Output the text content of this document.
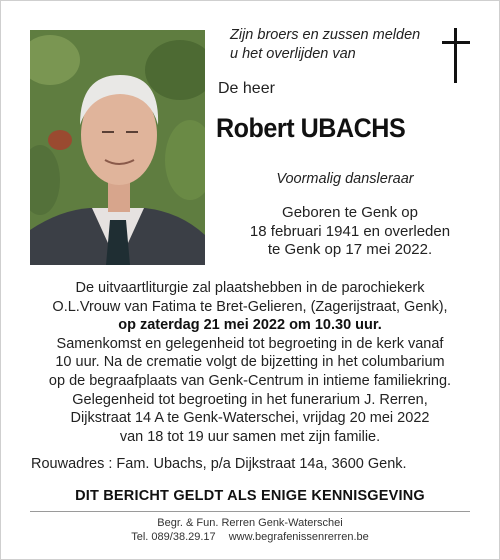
Zijn broers en zussen melden
u het overlijden van
De heer
Robert UBACHS
Voormalig dansleraar
Geboren te Genk op
18 februari 1941 en overleden
te Genk op 17 mei 2022.
De uitvaartliturgie zal plaatshebben in de parochiekerk
O.L.Vrouw van Fatima te Bret-Gelieren, (Zagerijstraat, Genk),
op zaterdag 21 mei 2022 om 10.30 uur.
Samenkomst en gelegenheid tot begroeting in de kerk vanaf
10 uur. Na de crematie volgt de bijzetting in het columbarium
op de begraafplaats van Genk-Centrum in intieme familiekring.
Gelegenheid tot begroeting in het funerarium J. Rerren,
Dijkstraat 14 A te Genk-Waterschei, vrijdag 20 mei 2022
van 18 tot 19 uur samen met zijn familie.
Rouwadres : Fam. Ubachs, p/a Dijkstraat 14a, 3600 Genk.
DIT BERICHT GELDT ALS ENIGE KENNISGEVING
Begr. & Fun. Rerren Genk-Waterschei
Tel. 089/38.29.17 www.begrafenissenrerren.be
